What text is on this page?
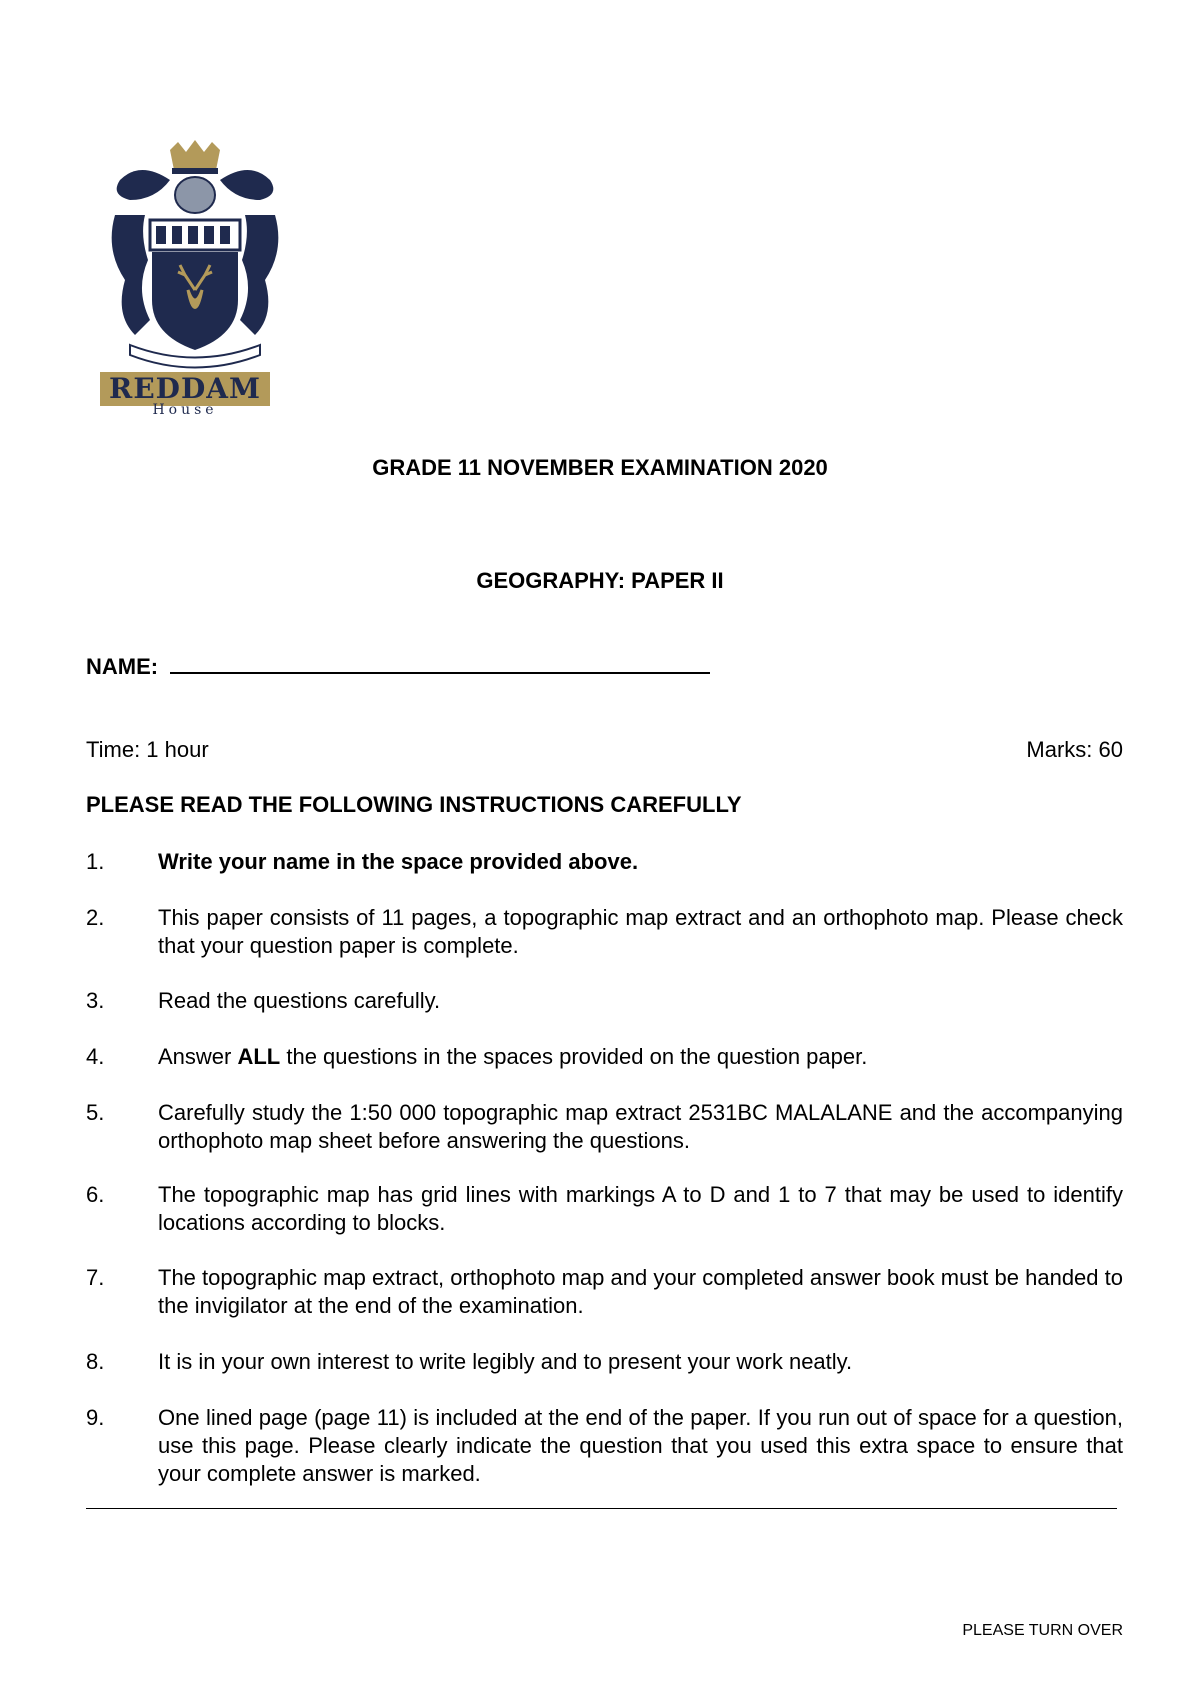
REDDAM
House
GRADE 11 NOVEMBER EXAMINATION 2020
GEOGRAPHY: PAPER II
NAME:
Time: 1 hour	Marks: 60
PLEASE READ THE FOLLOWING INSTRUCTIONS CAREFULLY
1.	Write your name in the space provided above.
2.	This paper consists of 11 pages, a topographic map extract and an orthophoto map. Please check that your question paper is complete.
3.	Read the questions carefully.
4.	Answer ALL the questions in the spaces provided on the question paper.
5.	Carefully study the 1:50 000 topographic map extract 2531BC MALALANE and the accompanying orthophoto map sheet before answering the questions.
6.	The topographic map has grid lines with markings A to D and 1 to 7 that may be used to identify locations according to blocks.
7.	The topographic map extract, orthophoto map and your completed answer book must be handed to the invigilator at the end of the examination.
8.	It is in your own interest to write legibly and to present your work neatly.
9.	One lined page (page 11) is included at the end of the paper. If you run out of space for a question, use this page. Please clearly indicate the question that you used this extra space to ensure that your complete answer is marked.
PLEASE TURN OVER
